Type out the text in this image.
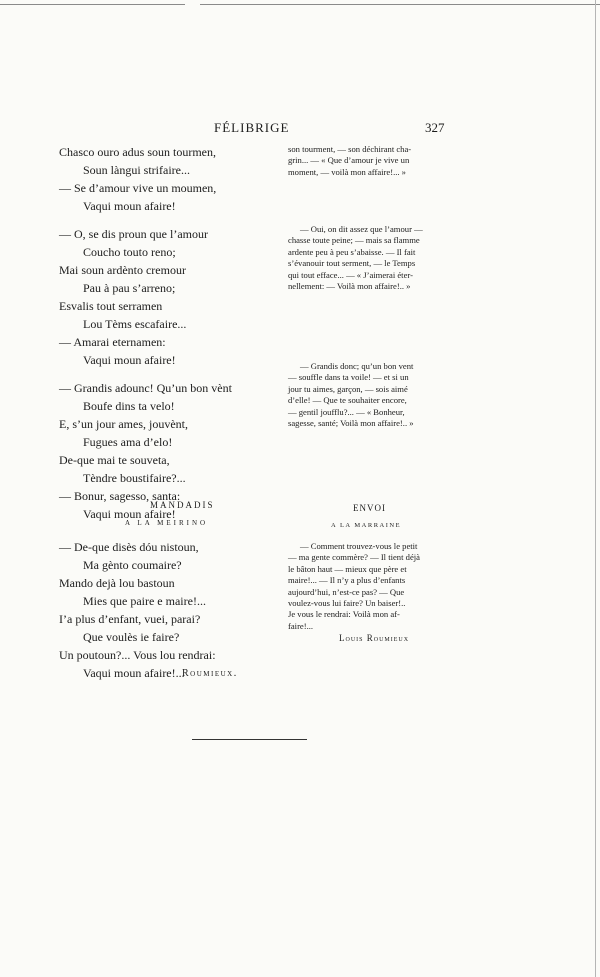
FÉLIBRIGE	327
Chasco ouro adus soun tourmen,
Soun làngui strifaire...
— Se d’amour vive un moumen,
Vaqui moun afaire!
— O, se dis proun que l’amour
Coucho touto reno;
Mai soun ardènto cremour
Pau à pau s’arreno;
Esvalis tout serramen
Lou Tèms escafaire...
— Amarai eternamen:
Vaqui moun afaire!
— Grandis adounc! Qu’un bon vènt
Boufe dins ta velo!
E, s’un jour ames, jouvènt,
Fugues ama d’elo!
De-que mai te souveta,
Tèndre boustifaire?...
— Bonur, sagesso, santa:
Vaqui moun afaire!
son tourment, — son déchirant cha-
grin... — « Que d’amour je vive un
moment, — voilà mon affaire!... »
— Oui, on dit assez que l’amour —
chasse toute peine; — mais sa flamme
ardente peu à peu s’abaisse. — Il fait
s’évanouir tout serment, — le Temps
qui tout efface... — « J’aimerai éter-
nellement: — Voilà mon affaire!.. »
— Grandis donc; qu’un bon vent
— souffle dans ta voile! — et si un
jour tu aimes, garçon, — sois aimé
d’elle! — Que te souhaiter encore,
— gentil joufflu?... — « Bonheur,
sagesse, santé; Voilà mon affaire!.. »
MANDADIS
A LA MEIRINO
ENVOI
A LA MARRAINE
— De-que disès dóu nistoun,
Ma gènto coumaire?
Mando dejà lou bastoun
Mies que paire e maire!...
I’a plus d’enfant, vuei, parai?
Que voulès ie faire?
Un poutoun?... Vous lou rendrai:
Vaqui moun afaire!...
— Comment trouvez-vous le petit
— ma gente commère? — Il tient déjà
le bâton haut — mieux que père et
maire!... — Il n’y a plus d’enfants
aujourd’hui, n’est-ce pas? — Que
voulez-vous lui faire? Un baiser!..
Je vous le rendrai: Voilà mon af-
faire!...
Roumieux.
Louis Roumieux
